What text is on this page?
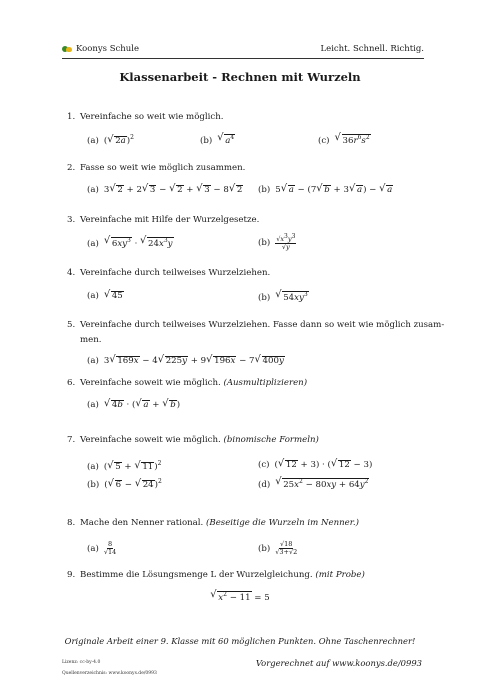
Koonys Schule	Leicht. Schnell. Richtig.
Klassenarbeit - Rechnen mit Wurzeln
1. Vereinfache so weit wie möglich.
(a) ( √ 2a)$^2$	(b) √ $a^4$	(c) √ $36r^6s^2$
2. Fasse so weit wie möglich zusammen.
(a) 3 √ 2 + 2 √ 3 − √ 2 + √ 3 − 8 √ 2 (b) 5 √ a − (7 √ b + 3 √ a) − √ a
3. Vereinfache mit Hilfe der Wurzelgesetze.
(a) √ $6xy^3$ · √ $24x^3y$	$(b) \frac{√x^3y^3}{√y}$
4. Vereinfache durch teilweises Wurzelziehen.
(a) √ 45	(b) √ $54xy^3$
5. Vereinfache durch teilweises Wurzelziehen. Fasse dann so weit wie möglich zusam-
men.
(a) 3 √ 169x − 4 √ 225y + 9 √ 196x − 7 √ 400y
6. Vereinfache soweit wie möglich. (Ausmultiplizieren)
(a) √ 4b · ( √ a + √ b)
7. Vereinfache soweit wie möglich. (binomische Formeln)
(a) ( √ 5 + √ 11)$^2$
(b) ( √ 6 − √ 24)$^2$
(c) ( √ 12 + 3) · ( √ 12 − 3)
(d) √ $25x^2 - 80xy + 64y^2$
8. Mache den Nenner rational. (Beseitige die Wurzeln im Nenner.)
$(a) \frac{8}{√14}$	$(b) \frac{√18}{√3+√2}$
9. Bestimme die Lösungsmenge L der Wurzelgleichung. (mit Probe)
√ $x^2 - 11 = 5$
Originale Arbeit einer 9. Klasse mit 60 möglichen Punkten. Ohne Taschenrechner!
Lizenz: cc-by-4.0
Quellenverzeichnis: www.koonys.de/0993
Vorgerechnet auf www.koonys.de/0993
